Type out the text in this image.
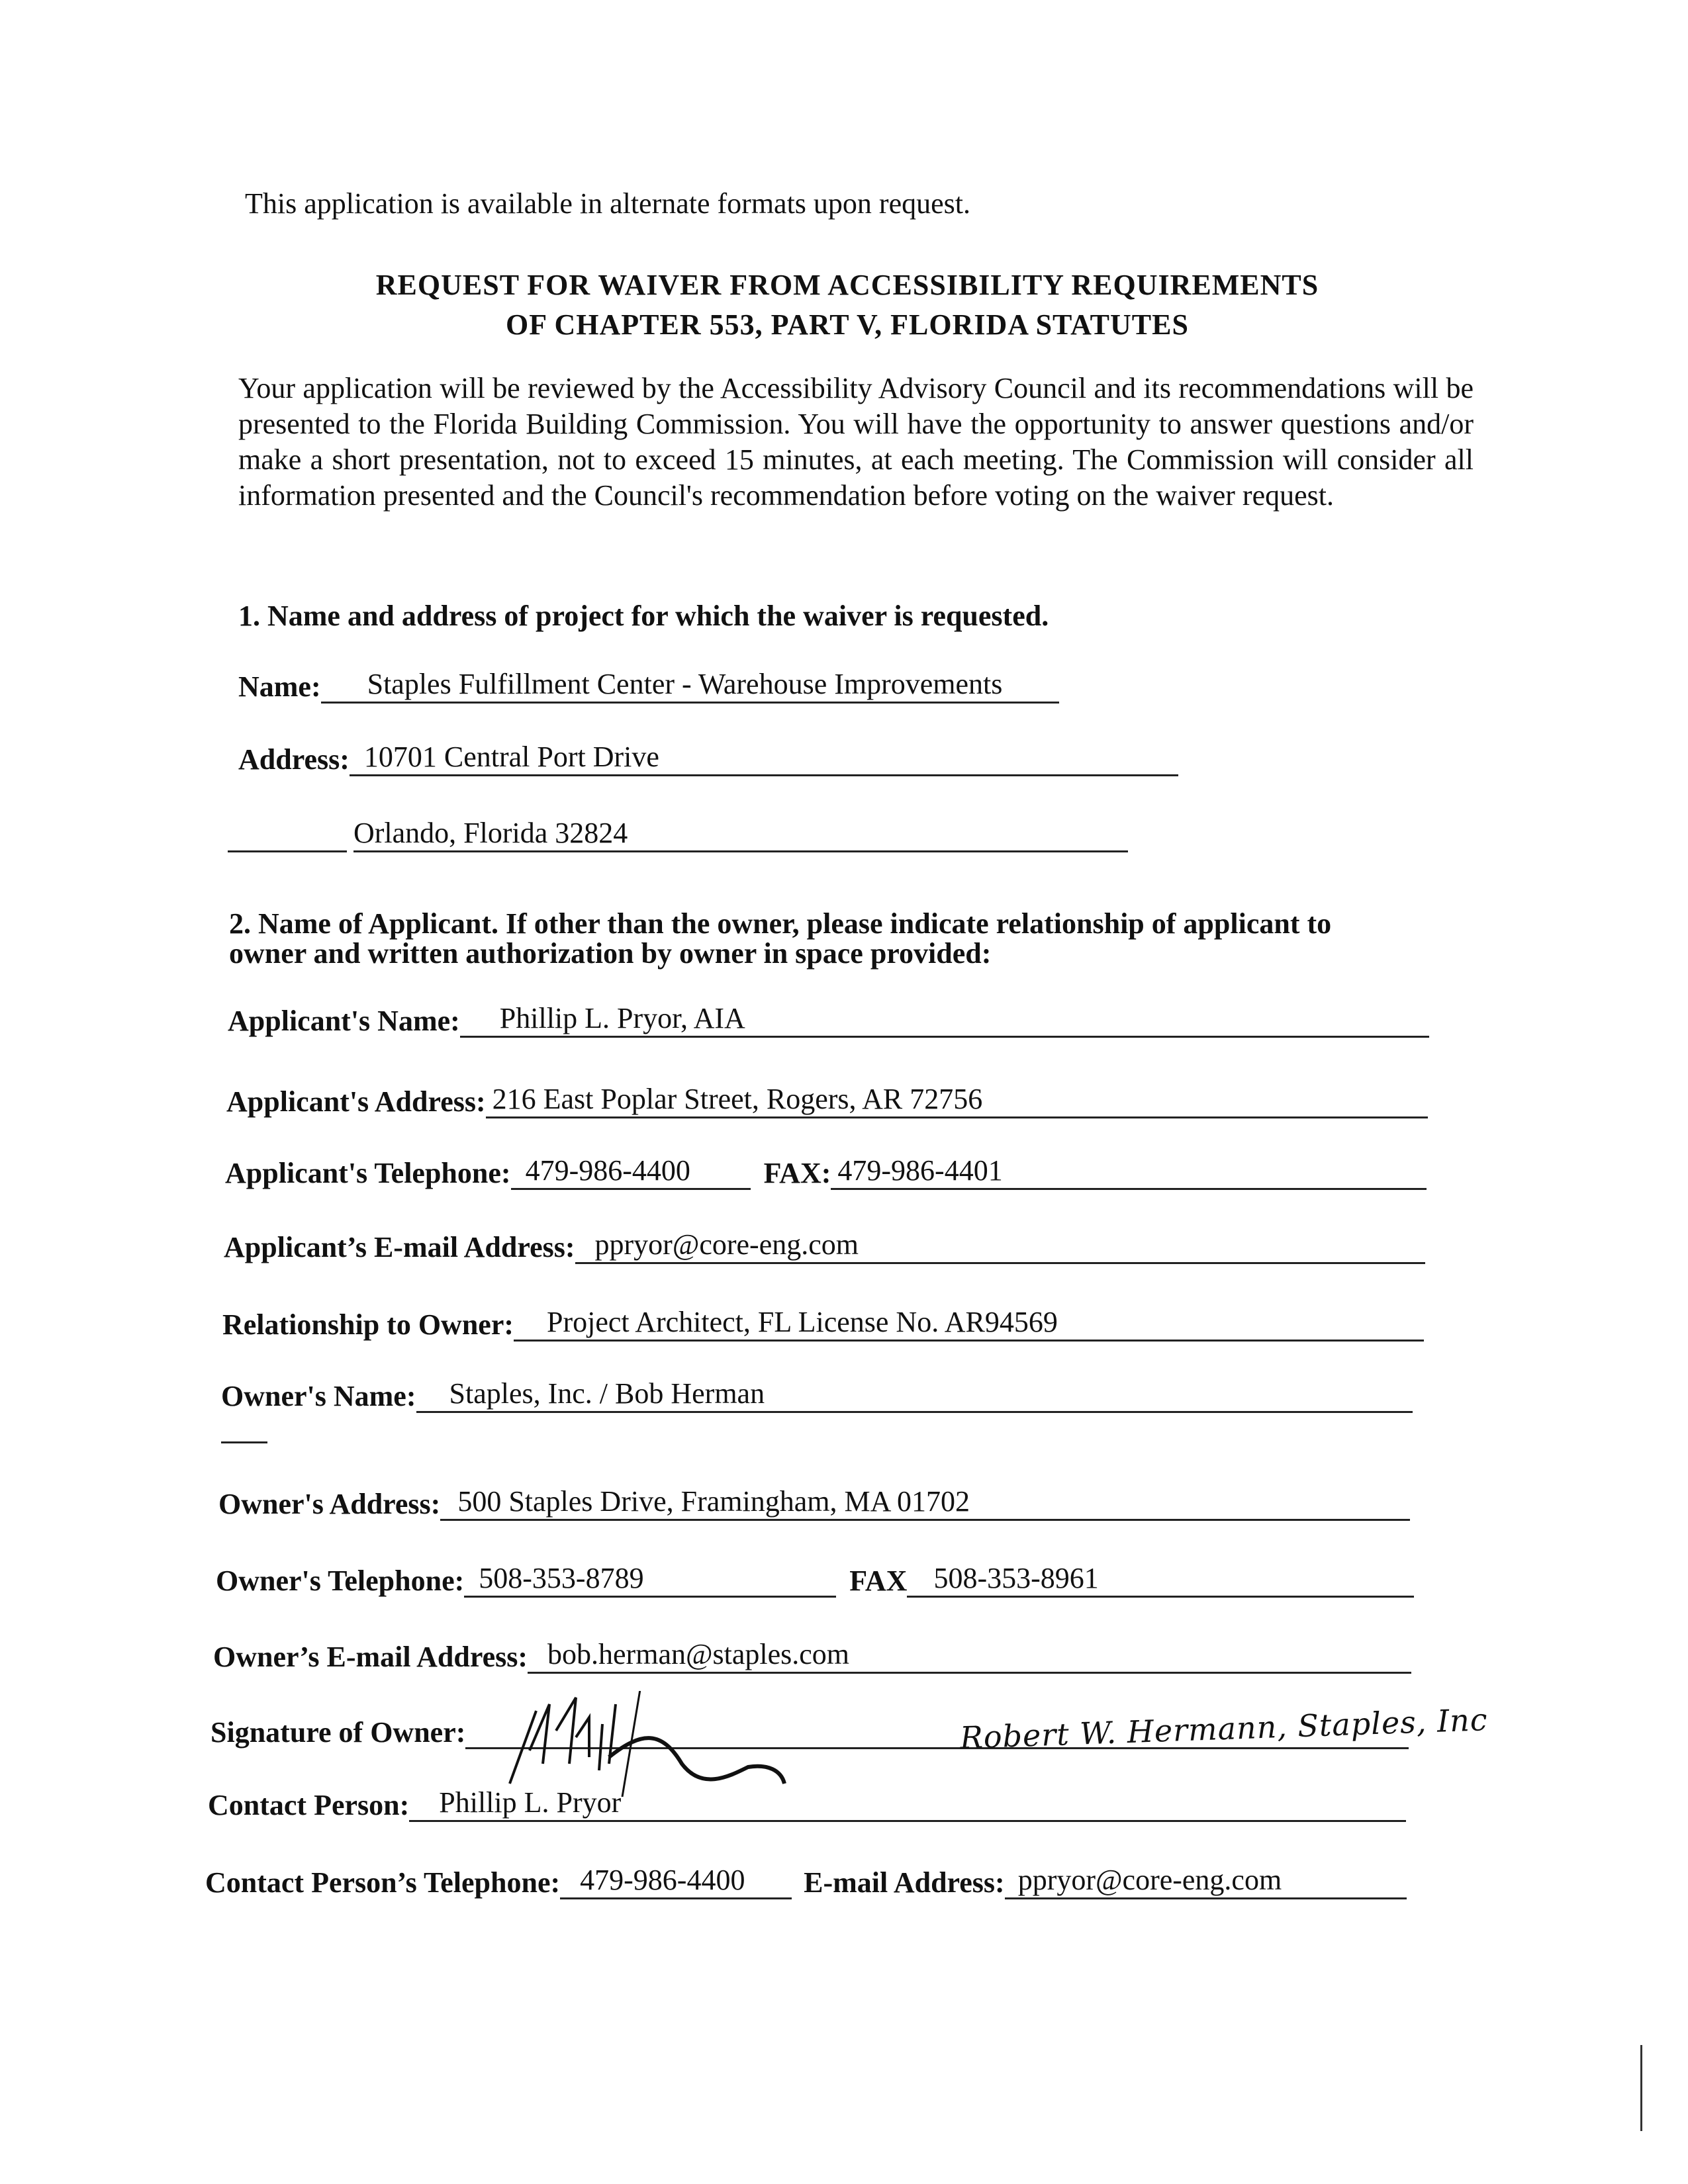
This application is available in alternate formats upon request.
REQUEST FOR WAIVER FROM ACCESSIBILITY REQUIREMENTS
OF CHAPTER 553, PART V, FLORIDA STATUTES
Your application will be reviewed by the Accessibility Advisory Council and its recommendations will be presented to the Florida Building Commission. You will have the opportunity to answer questions and/or make a short presentation, not to exceed 15 minutes, at each meeting. The Commission will consider all information presented and the Council's recommendation before voting on the waiver request.
1. Name and address of project for which the waiver is requested.
Name:	Staples Fulfillment Center - Warehouse Improvements
Address: 10701 Central Port Drive
Orlando, Florida 32824
2. Name of Applicant. If other than the owner, please indicate relationship of applicant to
owner and written authorization by owner in space provided:
Applicant's Name:	Phillip L. Pryor, AIA
Applicant's Address: 216 East Poplar Street, Rogers, AR 72756
Applicant's Telephone: 479-986-4400	FAX: 479-986-4401
Applicant’s E-mail Address: ppryor@core-eng.com
Relationship to Owner:	Project Architect, FL License No. AR94569
Owner's Name:	Staples, Inc. / Bob Herman
Owner's Address: 500 Staples Drive, Framingham, MA 01702
Owner's Telephone: 508-353-8789	FAX 508-353-8961
Owner’s E-mail Address: bob.herman@staples.com
Signature of Owner:	Robert W. Hermann, Staples, Inc
Contact Person:	Phillip L. Pryor
Contact Person’s Telephone: 479-986-4400	E-mail Address: ppryor@core-eng.com
